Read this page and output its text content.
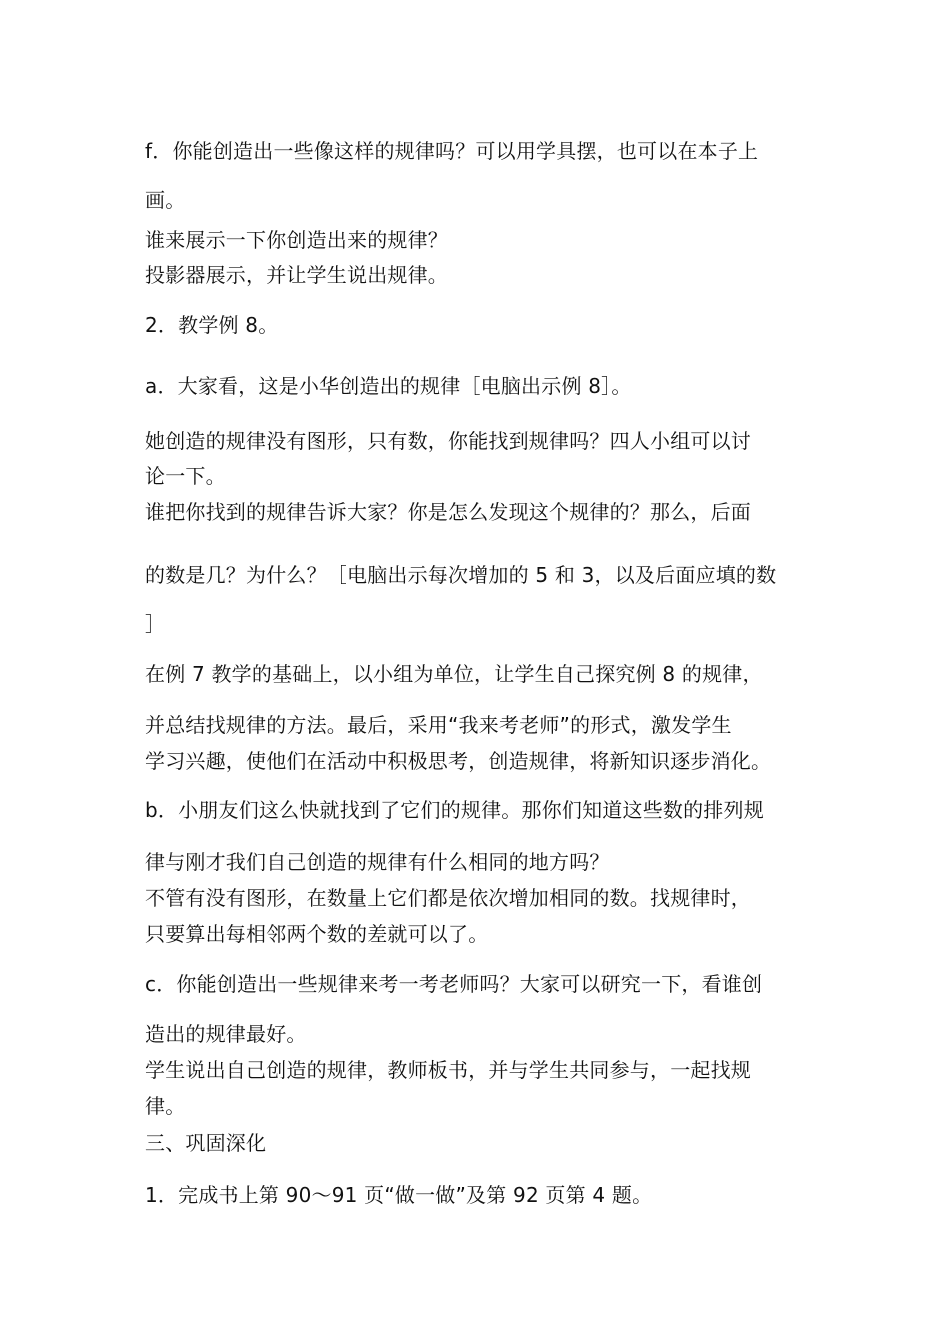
f．你能创造出一些像这样的规律吗？可以用学具摆，也可以在本子上
画。
谁来展示一下你创造出来的规律？
投影器展示，并让学生说出规律。
2．教学例 8。
a．大家看，这是小华创造出的规律［电脑出示例 8］。
她创造的规律没有图形，只有数，你能找到规律吗？四人小组可以讨
论一下。
谁把你找到的规律告诉大家？你是怎么发现这个规律的？那么，后面
的数是几？为什么？［电脑出示每次增加的 5 和 3，以及后面应填的数
］
在例 7 教学的基础上，以小组为单位，让学生自己探究例 8 的规律，
并总结找规律的方法。最后，采用“我来考老师”的形式，激发学生
学习兴趣，使他们在活动中积极思考，创造规律，将新知识逐步消化。
b．小朋友们这么快就找到了它们的规律。那你们知道这些数的排列规
律与刚才我们自己创造的规律有什么相同的地方吗？
不管有没有图形，在数量上它们都是依次增加相同的数。找规律时，
只要算出每相邻两个数的差就可以了。
c．你能创造出一些规律来考一考老师吗？大家可以研究一下，看谁创
造出的规律最好。
学生说出自己创造的规律，教师板书，并与学生共同参与，一起找规
律。
三、巩固深化
1．完成书上第 90～91 页“做一做”及第 92 页第 4 题。
